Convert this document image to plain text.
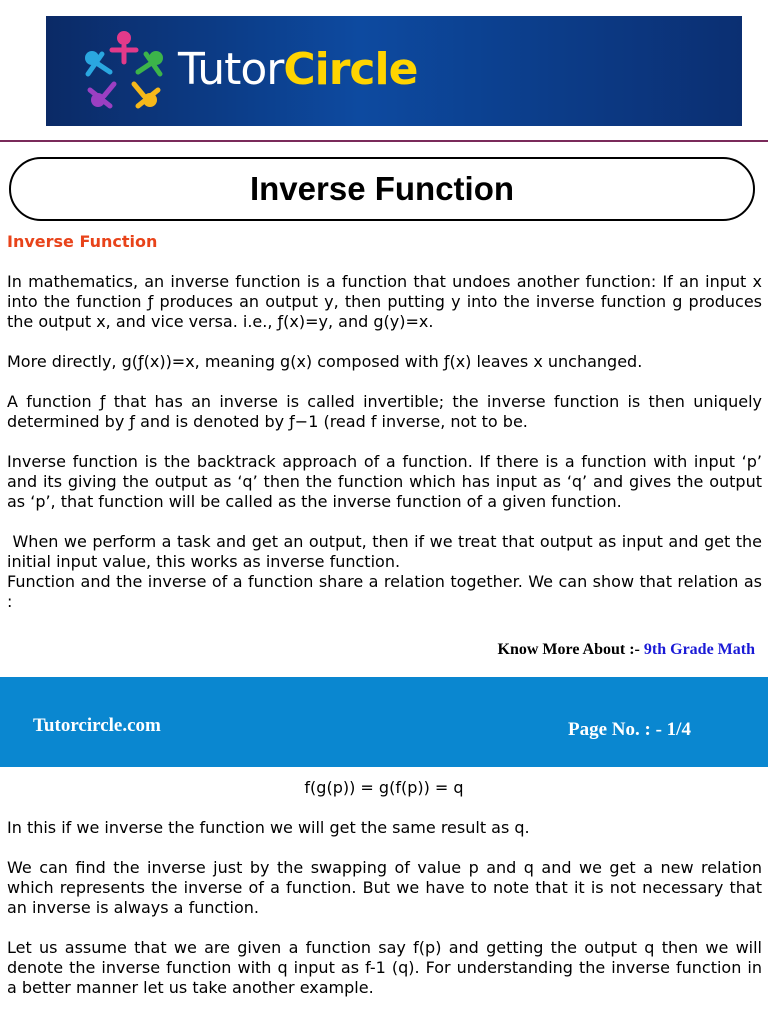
TutorCircle
Inverse Function
Inverse Function

In mathematics, an inverse function is a function that undoes another function: If an input x into the function ƒ produces an output y, then putting y into the inverse function g produces the output x, and vice versa. i.e., ƒ(x)=y, and g(y)=x.

More directly, g(ƒ(x))=x, meaning g(x) composed with ƒ(x) leaves x unchanged.

A function ƒ that has an inverse is called invertible; the inverse function is then uniquely determined by ƒ and is denoted by ƒ−1 (read f inverse, not to be.

Inverse function is the backtrack approach of a function. If there is a function with input ‘p’ and its giving the output as ‘q’ then the function which has input as ‘q’ and gives the output as ‘p’, that function will be called as the inverse function of a given function.

When we perform a task and get an output, then if we treat that output as input and get the initial input value, this works as inverse function.

Function and the inverse of a function share a relation together. We can show that relation as :

Know More About :- 9th Grade Math
Tutorcircle.com	Page No. : - 1/4
f(g(p)) = g(f(p)) = q

In this if we inverse the function we will get the same result as q.

We can find the inverse just by the swapping of value p and q and we get a new relation which represents the inverse of a function. But we have to note that it is not necessary that an inverse is always a function.

Let us assume that we are given a function say f(p) and getting the output q then we will denote the inverse function with q input as f-1 (q). For understanding the inverse function in a better manner let us take another example.
